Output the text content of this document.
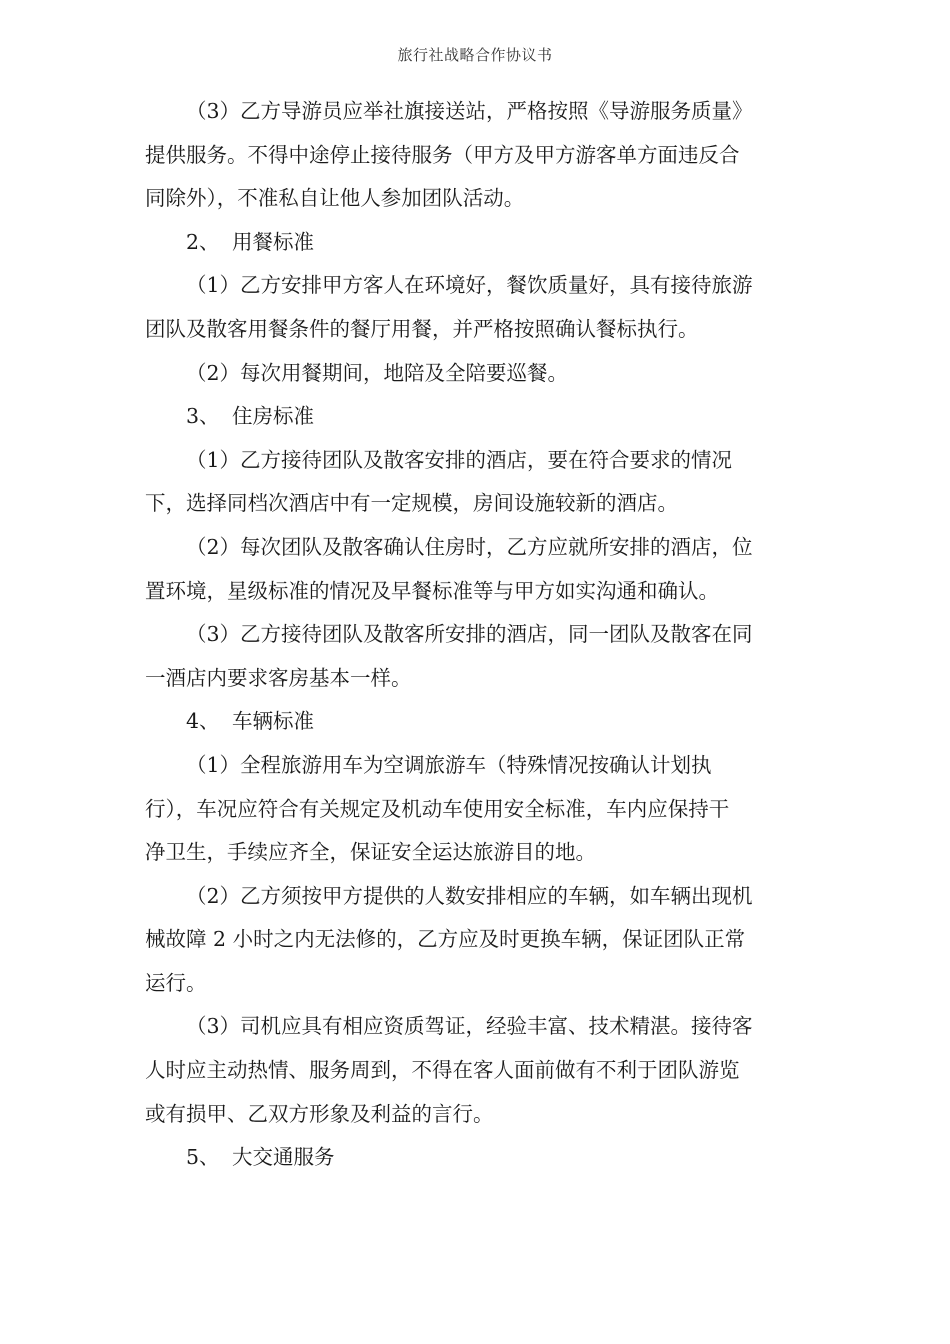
旅行社战略合作协议书
（3）乙方导游员应举社旗接送站，严格按照《导游服务质量》
提供服务。不得中途停止接待服务（甲方及甲方游客单方面违反合
同除外），不准私自让他人参加团队活动。
2、 用餐标准
（1）乙方安排甲方客人在环境好，餐饮质量好，具有接待旅游
团队及散客用餐条件的餐厅用餐，并严格按照确认餐标执行。
（2）每次用餐期间，地陪及全陪要巡餐。
3、 住房标准
（1）乙方接待团队及散客安排的酒店，要在符合要求的情况
下，选择同档次酒店中有一定规模，房间设施较新的酒店。
（2）每次团队及散客确认住房时，乙方应就所安排的酒店，位
置环境，星级标准的情况及早餐标准等与甲方如实沟通和确认。
（3）乙方接待团队及散客所安排的酒店，同一团队及散客在同
一酒店内要求客房基本一样。
4、 车辆标准
（1）全程旅游用车为空调旅游车（特殊情况按确认计划执
行），车况应符合有关规定及机动车使用安全标准，车内应保持干
净卫生，手续应齐全，保证安全运达旅游目的地。
（2）乙方须按甲方提供的人数安排相应的车辆，如车辆出现机
械故障 2 小时之内无法修的，乙方应及时更换车辆，保证团队正常
运行。
（3）司机应具有相应资质驾证，经验丰富、技术精湛。接待客
人时应主动热情、服务周到，不得在客人面前做有不利于团队游览
或有损甲、乙双方形象及利益的言行。
5、 大交通服务
